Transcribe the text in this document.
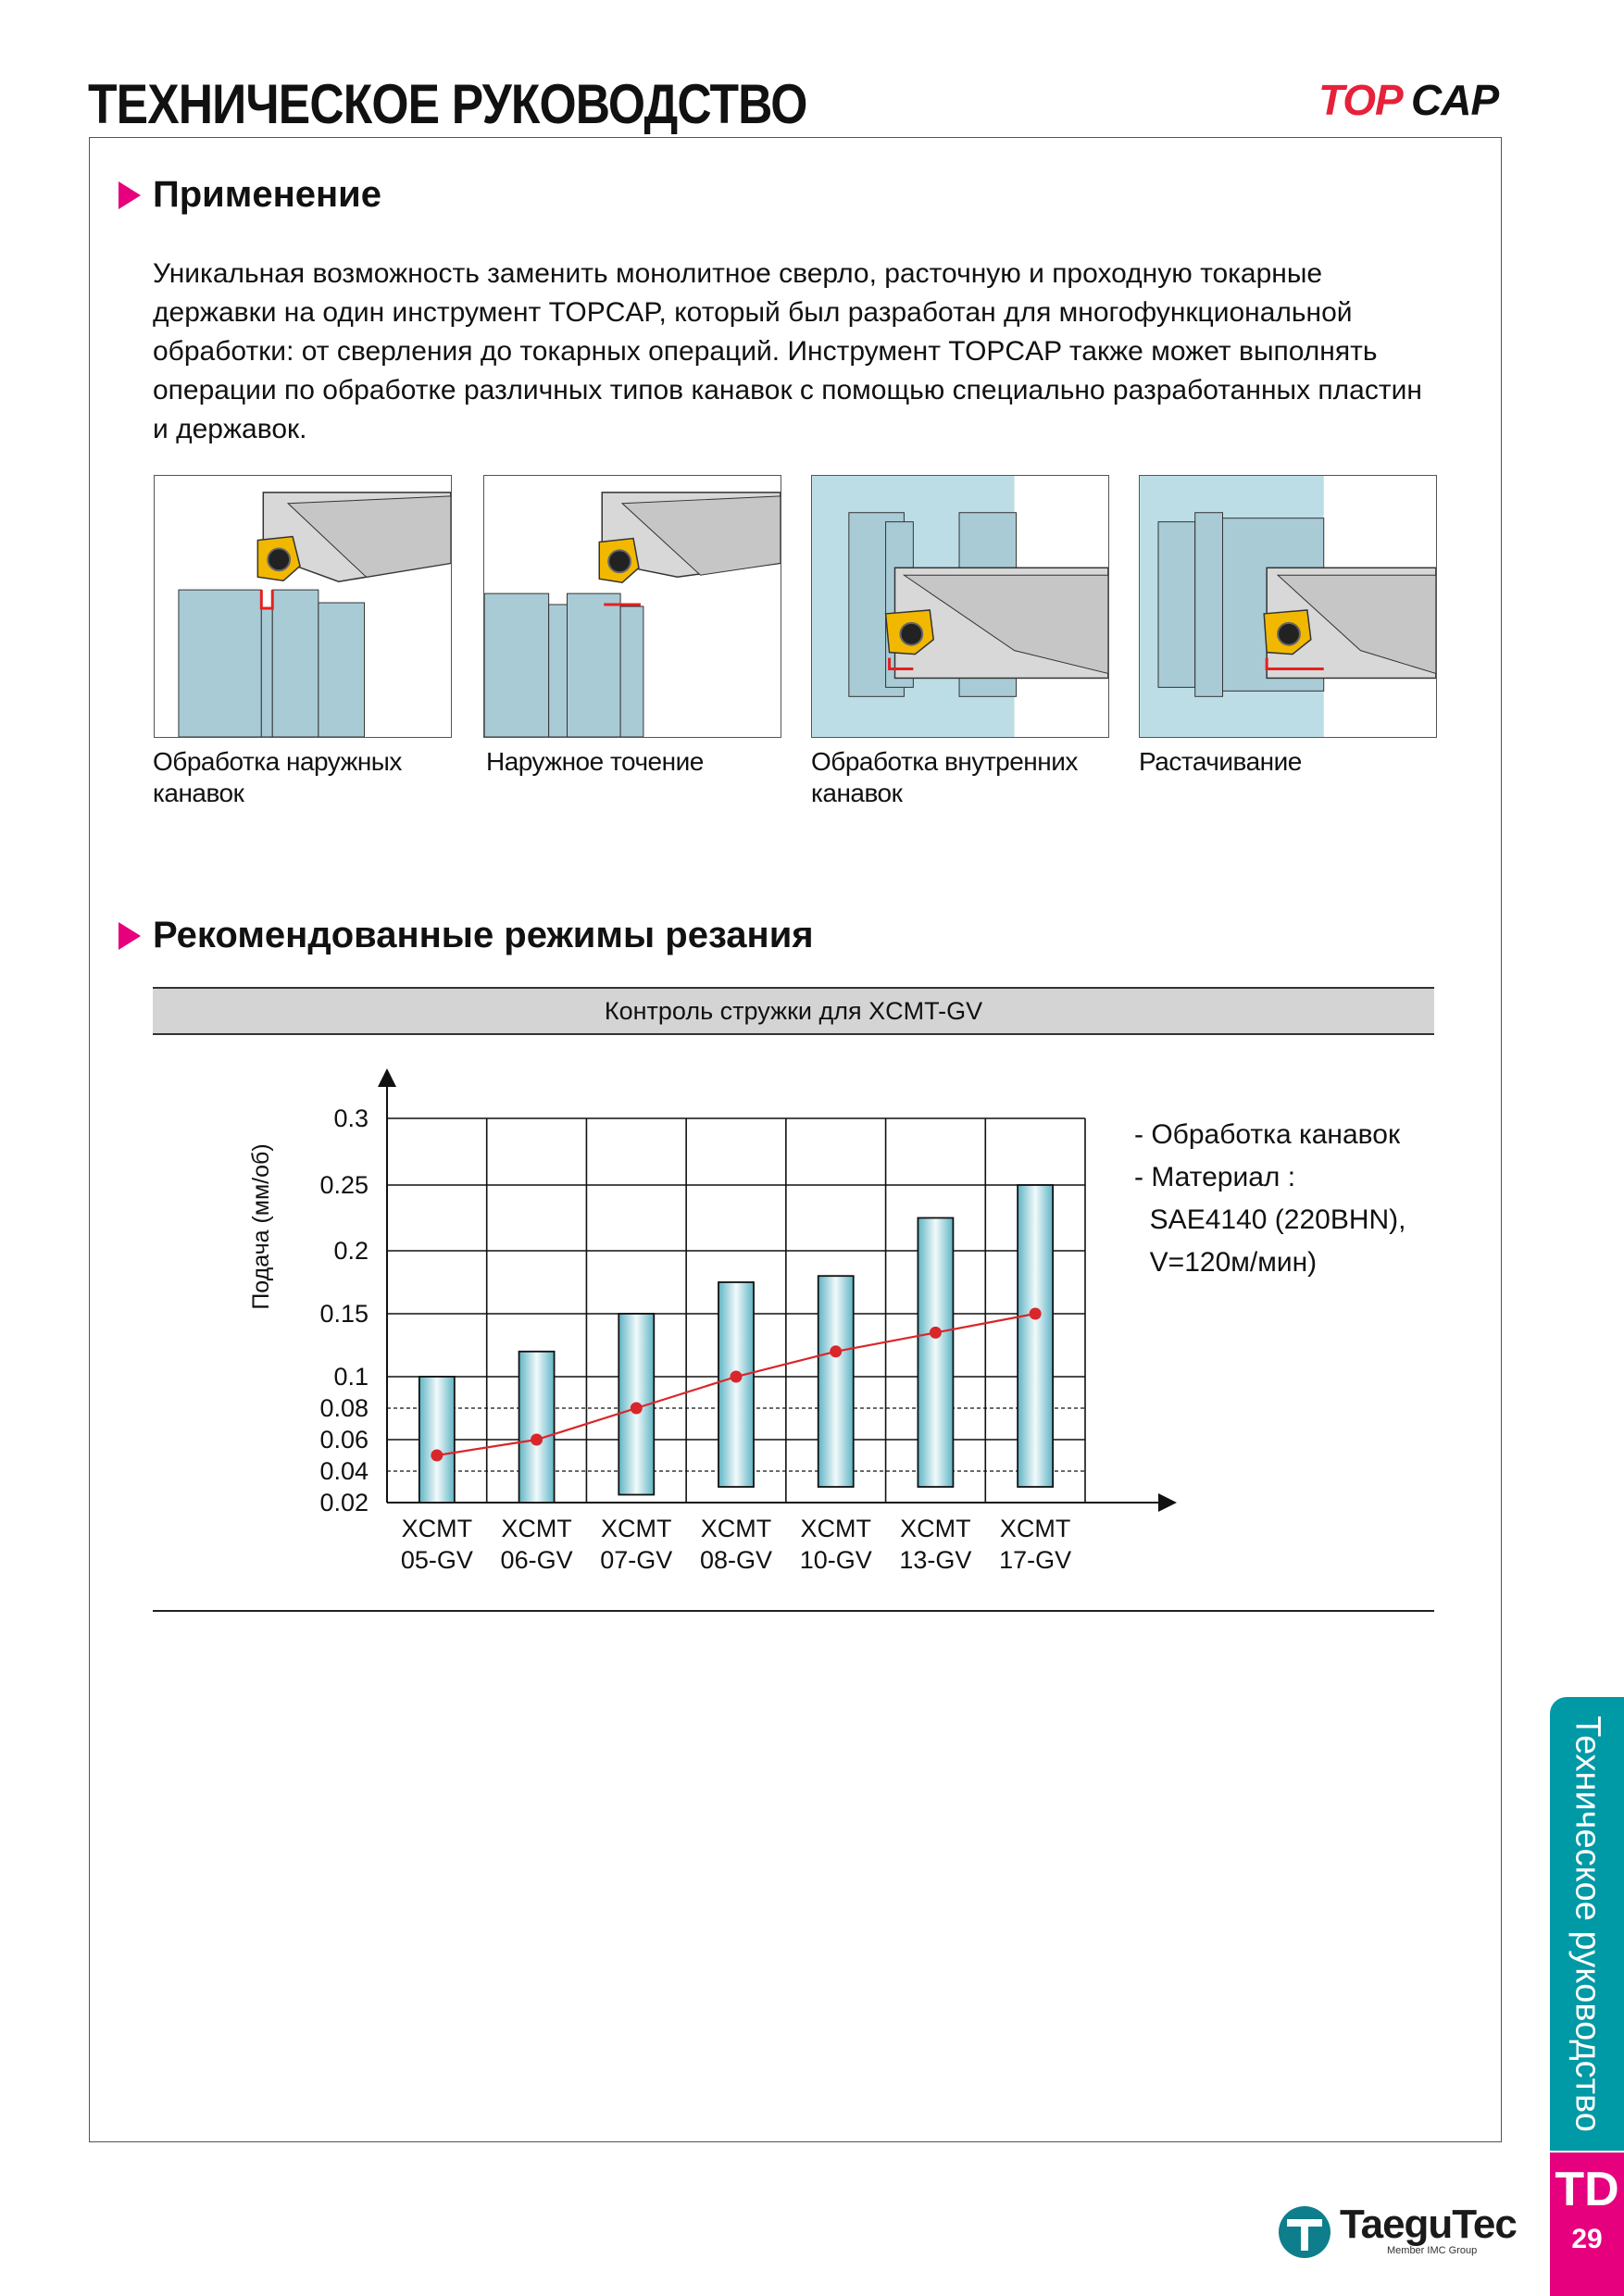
ТЕХНИЧЕСКОЕ РУКОВОДСТВО	TOP CAP
Применение
Уникальная возможность заменить монолитное сверло, расточную и проходную токарные державки на один инструмент TOPCAP, который был разработан для многофункциональной обработки: от сверления до токарных операций. Инструмент TOPCAP также может выполнять операции по обработке различных типов канавок с помощью специально разработанных пластин и державок.
Обработка наружных канавок
Наружное точение	Обработка внутренних канавок
Растачивание
Рекомендованные режимы резания
Контроль стружки для XCMT-GV
0.02
0.04
0.06
0.08
0.1
0.15
0.2
0.25
0.3
Подача (мм/об)
XCMT
05-GV
XCMT
06-GV
XCMT
07-GV
XCMT
08-GV
XCMT
10-GV
XCMT
13-GV
XCMT
17-GV
- Обработка канавок
- Материал :
SAE4140 (220BHN),
V=120м/мин)
Техническое руководство
TD
29
TaeguTec
Member IMC Group
